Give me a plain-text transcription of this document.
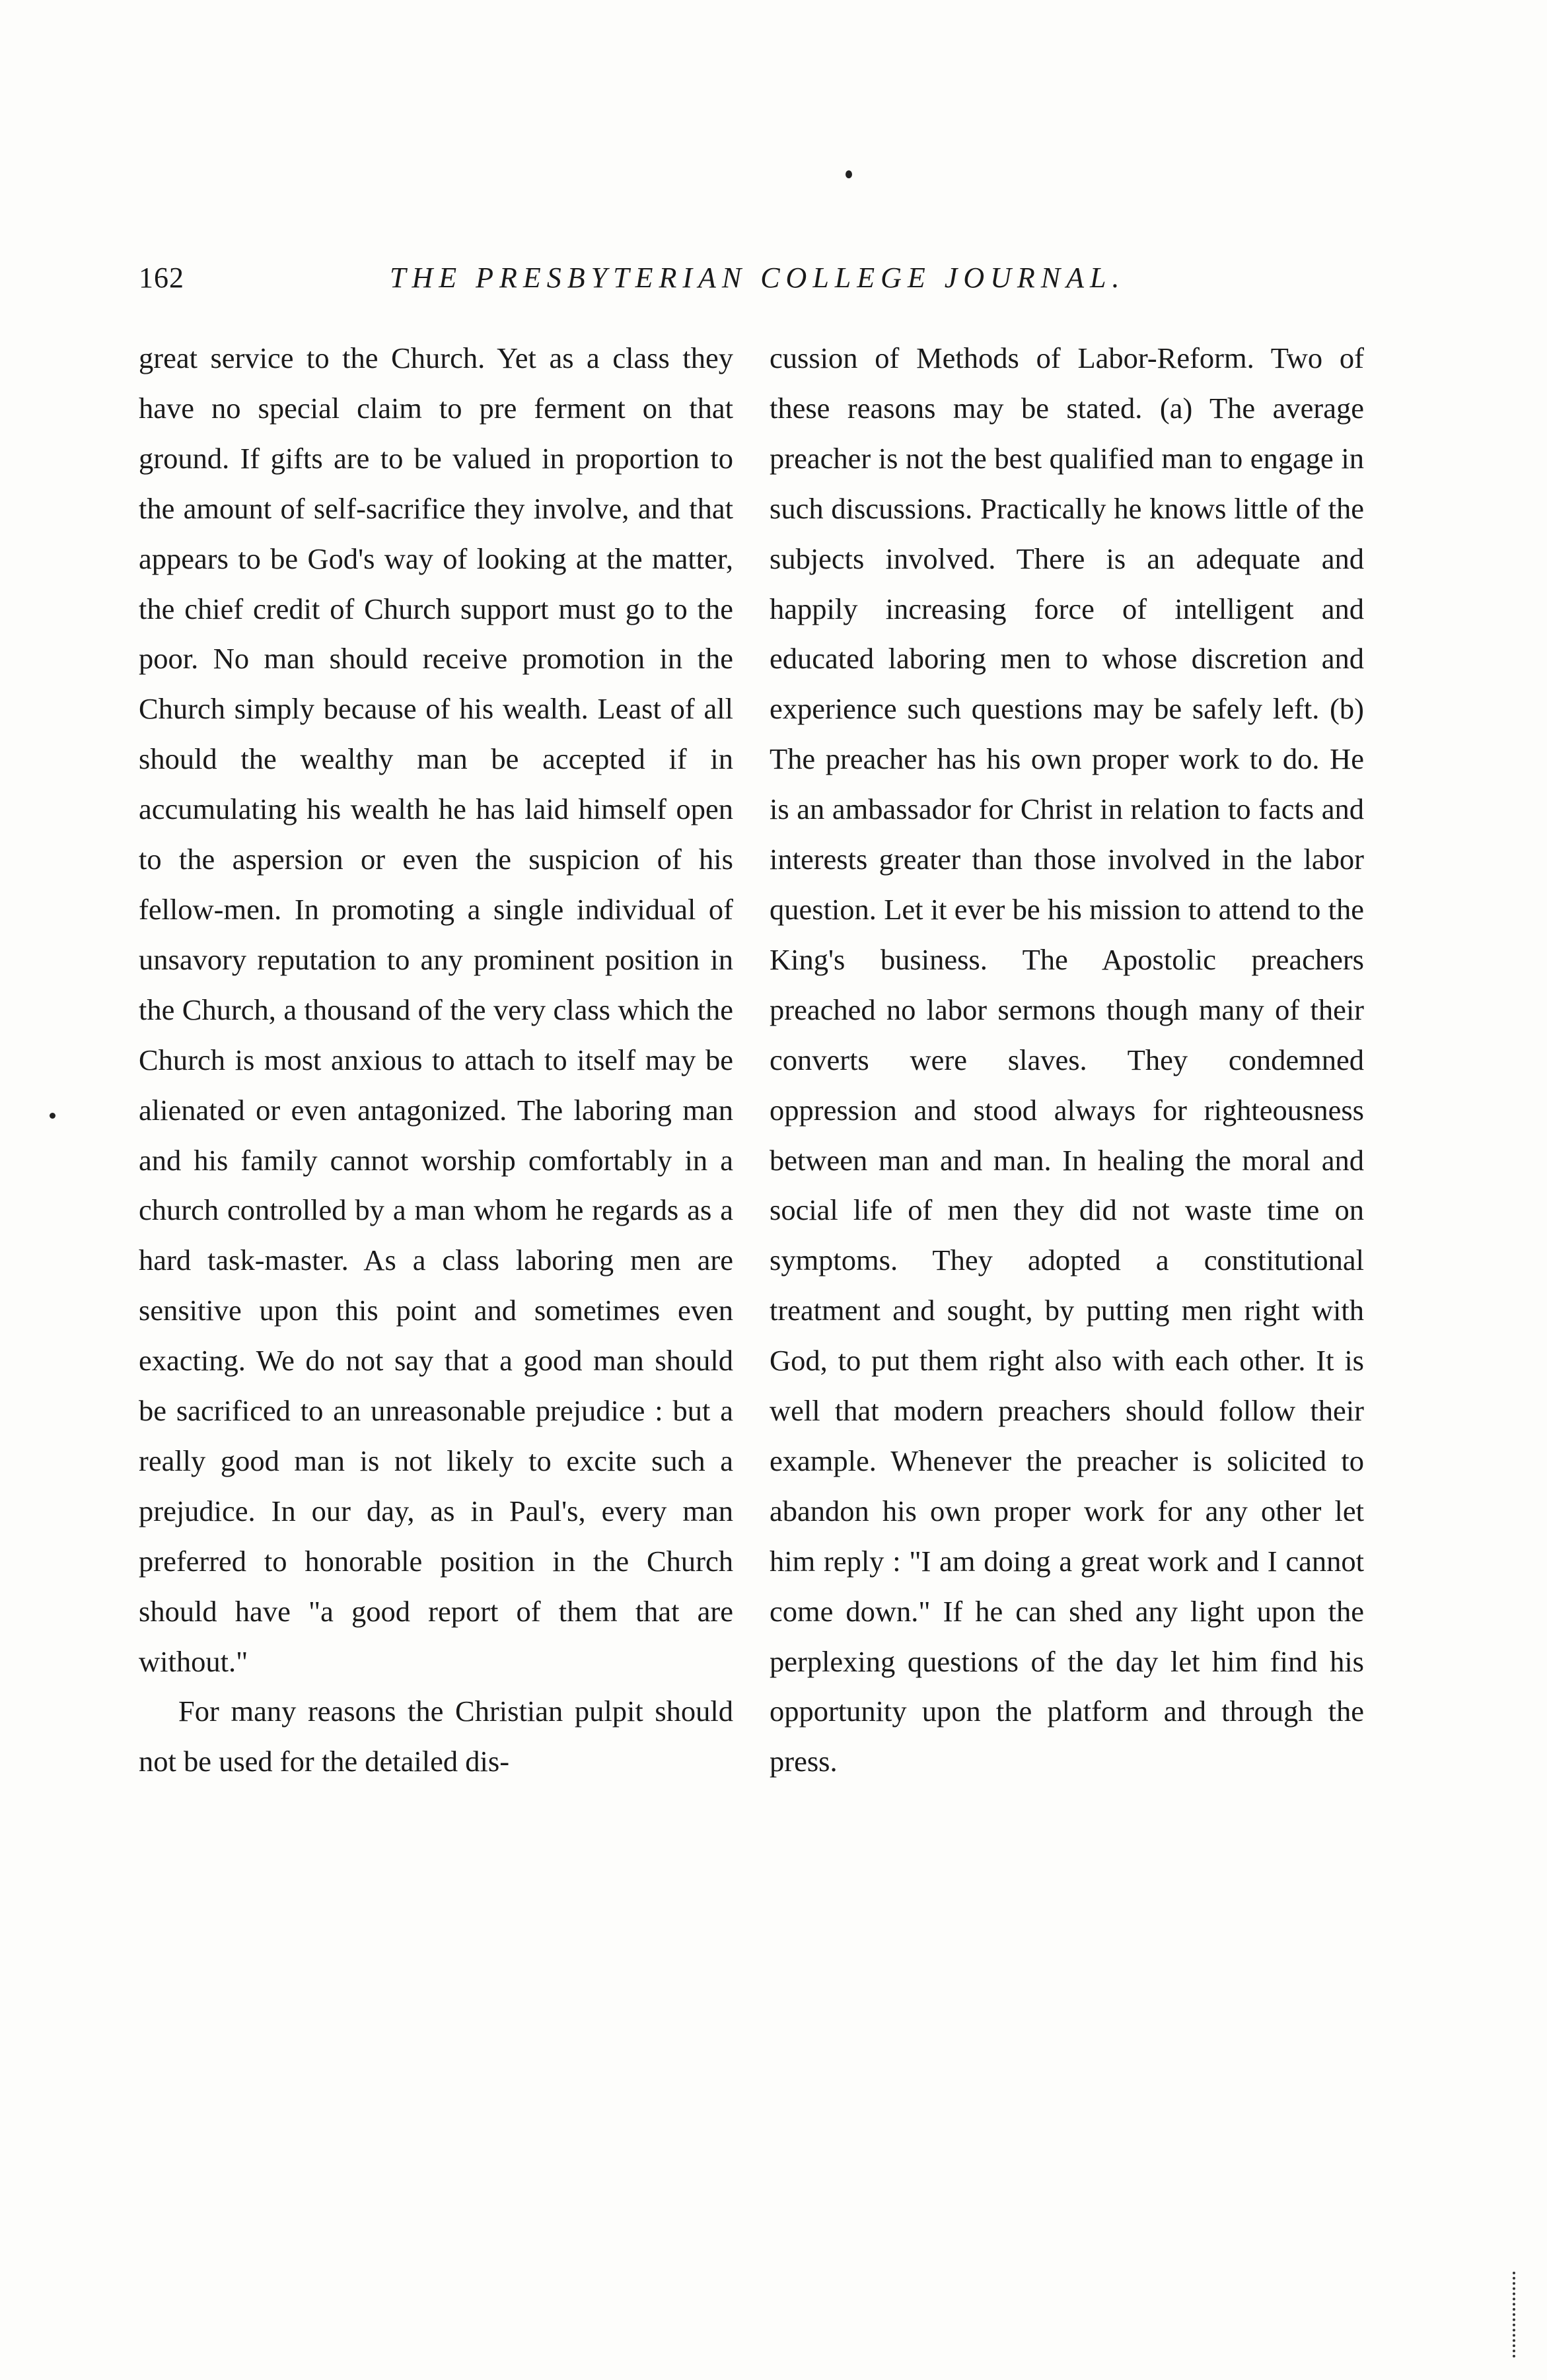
162	THE PRESBYTERIAN COLLEGE JOURNAL.

great service to the Church. Yet as a class they have no special claim to pre ferment on that ground. If gifts are to be valued in proportion to the amount of self-sacrifice they involve, and that appears to be God's way of looking at the matter, the chief credit of Church support must go to the poor. No man should receive promotion in the Church simply because of his wealth. Least of all should the wealthy man be accepted if in accumulating his wealth he has laid himself open to the aspersion or even the suspicion of his fellow-men. In promoting a single individual of unsavory reputation to any prominent position in the Church, a thousand of the very class which the Church is most anxious to attach to itself may be alienated or even antagonized. The laboring man and his family cannot worship comfortably in a church controlled by a man whom he regards as a hard task-master. As a class laboring men are sensitive upon this point and sometimes even exacting. We do not say that a good man should be sacrificed to an unreasonable prejudice : but a really good man is not likely to excite such a prejudice. In our day, as in Paul's, every man preferred to honorable position in the Church should have "a good report of them that are without."

For many reasons the Christian pulpit should not be used for the detailed dis-

cussion of Methods of Labor-Reform. Two of these reasons may be stated. (a) The average preacher is not the best qualified man to engage in such discussions. Practically he knows little of the subjects involved. There is an adequate and happily increasing force of intelligent and educated laboring men to whose discretion and experience such questions may be safely left. (b) The preacher has his own proper work to do. He is an ambassador for Christ in relation to facts and interests greater than those involved in the labor question. Let it ever be his mission to attend to the King's business. The Apostolic preachers preached no labor sermons though many of their converts were slaves. They condemned oppression and stood always for righteousness between man and man. In healing the moral and social life of men they did not waste time on symptoms. They adopted a constitutional treatment and sought, by putting men right with God, to put them right also with each other. It is well that modern preachers should follow their example. Whenever the preacher is solicited to abandon his own proper work for any other let him reply : "I am doing a great work and I cannot come down." If he can shed any light upon the perplexing questions of the day let him find his opportunity upon the platform and through the press.
